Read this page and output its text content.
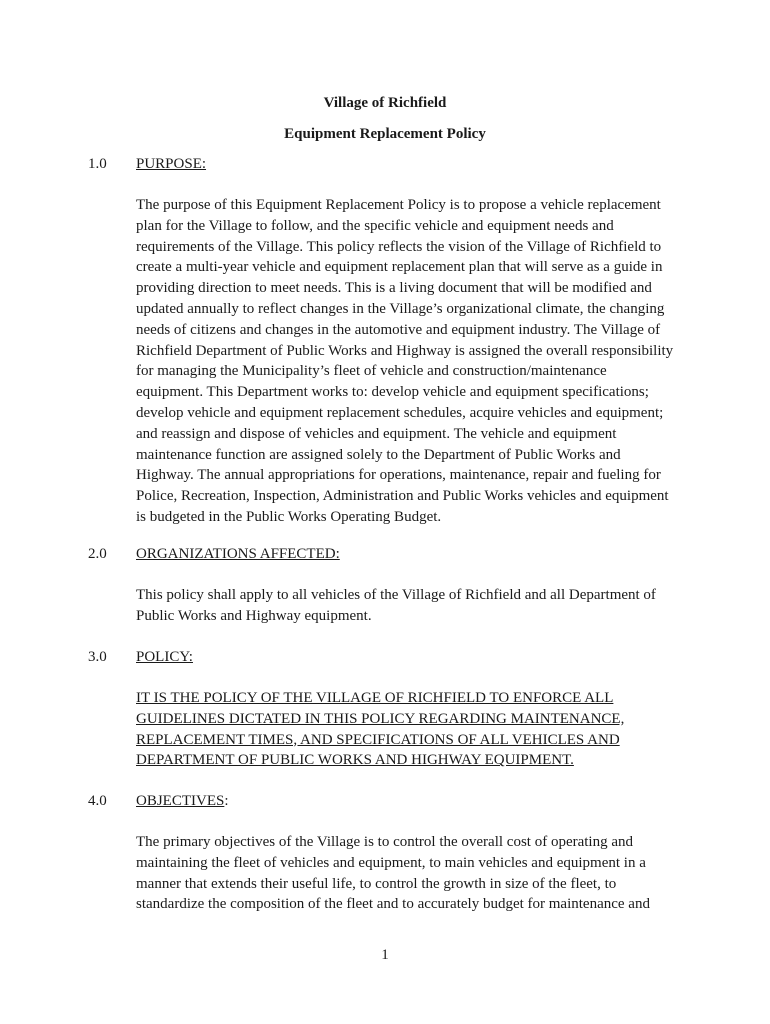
Village of Richfield
Equipment Replacement Policy
1.0 PURPOSE:
The purpose of this Equipment Replacement Policy is to propose a vehicle replacement
plan for the Village to follow, and the specific vehicle and equipment needs and
requirements of the Village. This policy reflects the vision of the Village of Richfield to
create a multi-year vehicle and equipment replacement plan that will serve as a guide in
providing direction to meet needs. This is a living document that will be modified and
updated annually to reflect changes in the Village’s organizational climate, the changing
needs of citizens and changes in the automotive and equipment industry. The Village of
Richfield Department of Public Works and Highway is assigned the overall responsibility
for managing the Municipality’s fleet of vehicle and construction/maintenance
equipment. This Department works to: develop vehicle and equipment specifications;
develop vehicle and equipment replacement schedules, acquire vehicles and equipment;
and reassign and dispose of vehicles and equipment. The vehicle and equipment
maintenance function are assigned solely to the Department of Public Works and
Highway. The annual appropriations for operations, maintenance, repair and fueling for
Police, Recreation, Inspection, Administration and Public Works vehicles and equipment
is budgeted in the Public Works Operating Budget.
2.0 ORGANIZATIONS AFFECTED:
This policy shall apply to all vehicles of the Village of Richfield and all Department of
Public Works and Highway equipment.
3.0 POLICY:
IT IS THE POLICY OF THE VILLAGE OF RICHFIELD TO ENFORCE ALL
GUIDELINES DICTATED IN THIS POLICY REGARDING MAINTENANCE,
REPLACEMENT TIMES, AND SPECIFICATIONS OF ALL VEHICLES AND
DEPARTMENT OF PUBLIC WORKS AND HIGHWAY EQUIPMENT.
4.0 OBJECTIVES:
The primary objectives of the Village is to control the overall cost of operating and
maintaining the fleet of vehicles and equipment, to main vehicles and equipment in a
manner that extends their useful life, to control the growth in size of the fleet, to
standardize the composition of the fleet and to accurately budget for maintenance and
1
